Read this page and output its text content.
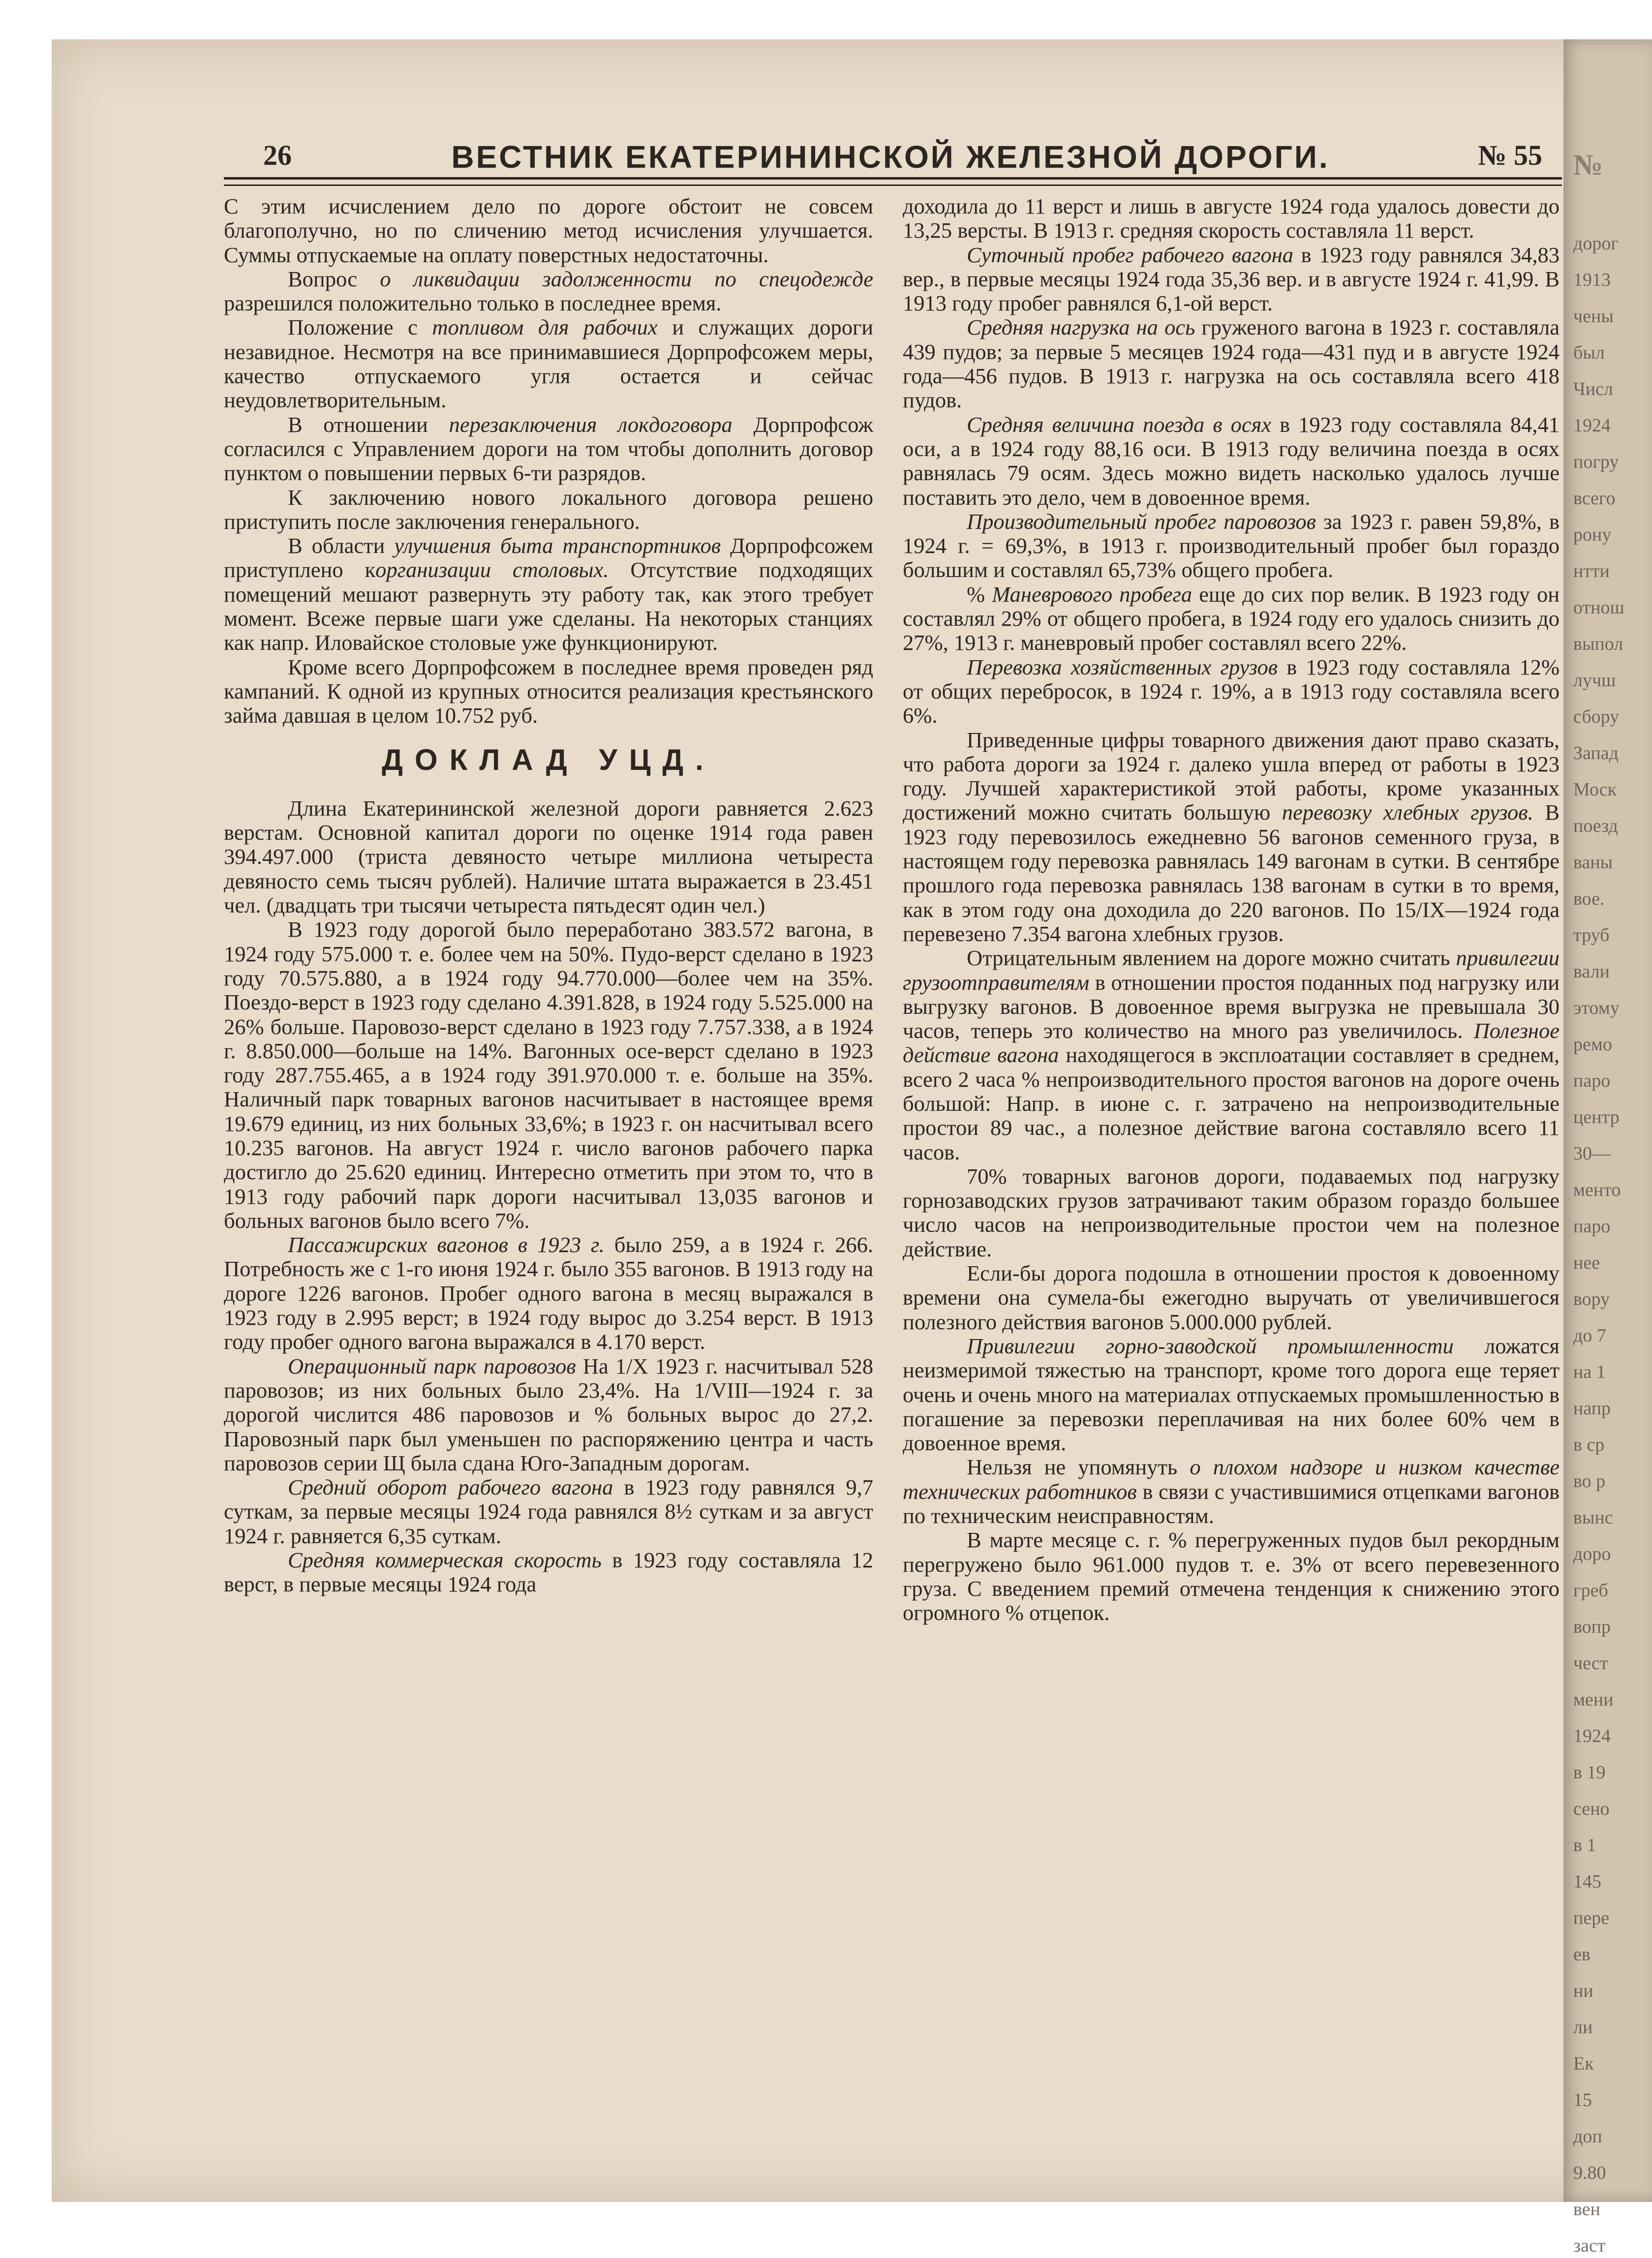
№
дорог
1913
чены
был
Числ
1924
погру
всего
рону
нтти
отнош
выпол
лучш
сбору
Запад
Моск
поезд
ваны
вое.
труб
вали
этому
ремо
паро
центр
30—
менто
паро
нее
вору
до 7
на 1
напр
в ср
во р
вынс
доро
греб
вопр
чест
мени
1924
в 19
сено
в 1
145
пере
ев
ни
ли
Ек
15
доп
9.80
вен
заст
26	ВЕСТНИК ЕКАТЕРИНИНСКОЙ ЖЕЛЕЗНОЙ ДОРОГИ.	№ 55

С этим исчислением дело по дороге обстоит не совсем благополучно, но по сличению метод исчисления улучшается. Суммы отпускаемые на оплату поверстных недостаточны.

Вопрос о ликвидации задолженности по спецодежде разрешился положительно только в последнее время.

Положение с топливом для рабочих и служащих дороги незавидное. Несмотря на все принимавшиеся Дорпрофсожем меры, качество отпускаемого угля остается и сейчас неудовлетворительным.

В отношении перезаключения локдоговора Дорпрофсож согласился с Управлением дороги на том чтобы дополнить договор пунктом о повышении первых 6-ти разрядов.

К заключению нового локального договора решено приступить после заключения генерального.

В области улучшения быта транспортников Дорпрофсожем приступлено корганизации столовых. Отсутствие подходящих помещений мешают развернуть эту работу так, как этого требует момент. Всеже первые шаги уже сделаны. На некоторых станциях как напр. Иловайское столовые уже функционируют.

Кроме всего Дорпрофсожем в последнее время проведен ряд кампаний. К одной из крупных относится реализация крестьянского займа давшая в целом 10.752 руб.

ДОКЛАД УЦД.

Длина Екатерининской железной дороги равняется 2.623 верстам. Основной капитал дороги по оценке 1914 года равен 394.497.000 (триста девяносто четыре миллиона четыреста девяносто семь тысяч рублей). Наличие штата выражается в 23.451 чел. (двадцать три тысячи четыреста пятьдесят один чел.)

В 1923 году дорогой было переработано 383.572 вагона, в 1924 году 575.000 т. е. более чем на 50%. Пудо-верст сделано в 1923 году 70.575.880, а в 1924 году 94.770.000—более чем на 35%. Поездо-верст в 1923 году сделано 4.391.828, в 1924 году 5.525.000 на 26% больше. Паровозо-верст сделано в 1923 году 7.757.338, а в 1924 г. 8.850.000—больше на 14%. Вагонных осе-верст сделано в 1923 году 287.755.465, а в 1924 году 391.970.000 т. е. больше на 35%. Наличный парк товарных вагонов насчитывает в настоящее время 19.679 единиц, из них больных 33,6%; в 1923 г. он насчитывал всего 10.235 вагонов. На август 1924 г. число вагонов рабочего парка достигло до 25.620 единиц. Интересно отметить при этом то, что в 1913 году рабочий парк дороги насчитывал 13,035 вагонов и больных вагонов было всего 7%.

Пассажирских вагонов в 1923 г. было 259, а в 1924 г. 266. Потребность же с 1-го июня 1924 г. было 355 вагонов. В 1913 году на дороге 1226 вагонов. Пробег одного вагона в месяц выражался в 1923 году в 2.995 верст; в 1924 году вырос до 3.254 верст. В 1913 году пробег одного вагона выражался в 4.170 верст.

Операционный парк паровозов На 1/X 1923 г. насчитывал 528 паровозов; из них больных было 23,4%. На 1/VIII—1924 г. за дорогой числится 486 паровозов и % больных вырос до 27,2. Паровозный парк был уменьшен по распоряжению центра и часть паровозов серии Щ была сдана Юго-Западным дорогам.

Средний оборот рабочего вагона в 1923 году равнялся 9,7 суткам, за первые месяцы 1924 года равнялся 8½ суткам и за август 1924 г. равняется 6,35 суткам.

Средняя коммерческая скорость в 1923 году составляла 12 верст, в первые месяцы 1924 года

доходила до 11 верст и лишь в августе 1924 года удалось довести до 13,25 версты. В 1913 г. средняя скорость составляла 11 верст.

Суточный пробег рабочего вагона в 1923 году равнялся 34,83 вер., в первые месяцы 1924 года 35,36 вер. и в августе 1924 г. 41,99. В 1913 году пробег равнялся 6,1-ой верст.

Средняя нагрузка на ось груженого вагона в 1923 г. составляла 439 пудов; за первые 5 месяцев 1924 года—431 пуд и в августе 1924 года—456 пудов. В 1913 г. нагрузка на ось составляла всего 418 пудов.

Средняя величина поезда в осях в 1923 году составляла 84,41 оси, а в 1924 году 88,16 оси. В 1913 году величина поезда в осях равнялась 79 осям. Здесь можно видеть насколько удалось лучше поставить это дело, чем в довоенное время.

Производительный пробег паровозов за 1923 г. равен 59,8%, в 1924 г. = 69,3%, в 1913 г. производительный пробег был гораздо большим и составлял 65,73% общего пробега.

% Маневрового пробега еще до сих пор велик. В 1923 году он составлял 29% от общего пробега, в 1924 году его удалось снизить до 27%, 1913 г. маневровый пробег составлял всего 22%.

Перевозка хозяйственных грузов в 1923 году составляла 12% от общих перебросок, в 1924 г. 19%, а в 1913 году составляла всего 6%.

Приведенные цифры товарного движения дают право сказать, что работа дороги за 1924 г. далеко ушла вперед от работы в 1923 году. Лучшей характеристикой этой работы, кроме указанных достижений можно считать большую перевозку хлебных грузов. В 1923 году перевозилось ежедневно 56 вагонов семенного груза, в настоящем году перевозка равнялась 149 вагонам в сутки. В сентябре прошлого года перевозка равнялась 138 вагонам в сутки в то время, как в этом году она доходила до 220 вагонов. По 15/IX—1924 года перевезено 7.354 вагона хлебных грузов.

Отрицательным явлением на дороге можно считать привилегии грузоотправителям в отношении простоя поданных под нагрузку или выгрузку вагонов. В довоенное время выгрузка не превышала 30 часов, теперь это количество на много раз увеличилось. Полезное действие вагона находящегося в эксплоатации составляет в среднем, всего 2 часа % непроизводительного простоя вагонов на дороге очень большой: Напр. в июне с. г. затрачено на непроизводительные простои 89 час., а полезное действие вагона составляло всего 11 часов.

70% товарных вагонов дороги, подаваемых под нагрузку горнозаводских грузов затрачивают таким образом гораздо большее число часов на непроизводительные простои чем на полезное действие.

Если-бы дорога подошла в отношении простоя к довоенному времени она сумела-бы ежегодно выручать от увеличившегося полезного действия вагонов 5.000.000 рублей.

Привилегии горно-заводской промышленности ложатся неизмеримой тяжестью на транспорт, кроме того дорога еще теряет очень и очень много на материалах отпускаемых промышленностью в погашение за перевозки переплачивая на них более 60% чем в довоенное время.

Нельзя не упомянуть о плохом надзоре и низком качестве технических работников в связи с участившимися отцепками вагонов по техническим неисправностям.

В марте месяце с. г. % перегруженных пудов был рекордным перегружено было 961.000 пудов т. е. 3% от всего перевезенного груза. С введением премий отмечена тенденция к снижению этого огромного % отцепок.
